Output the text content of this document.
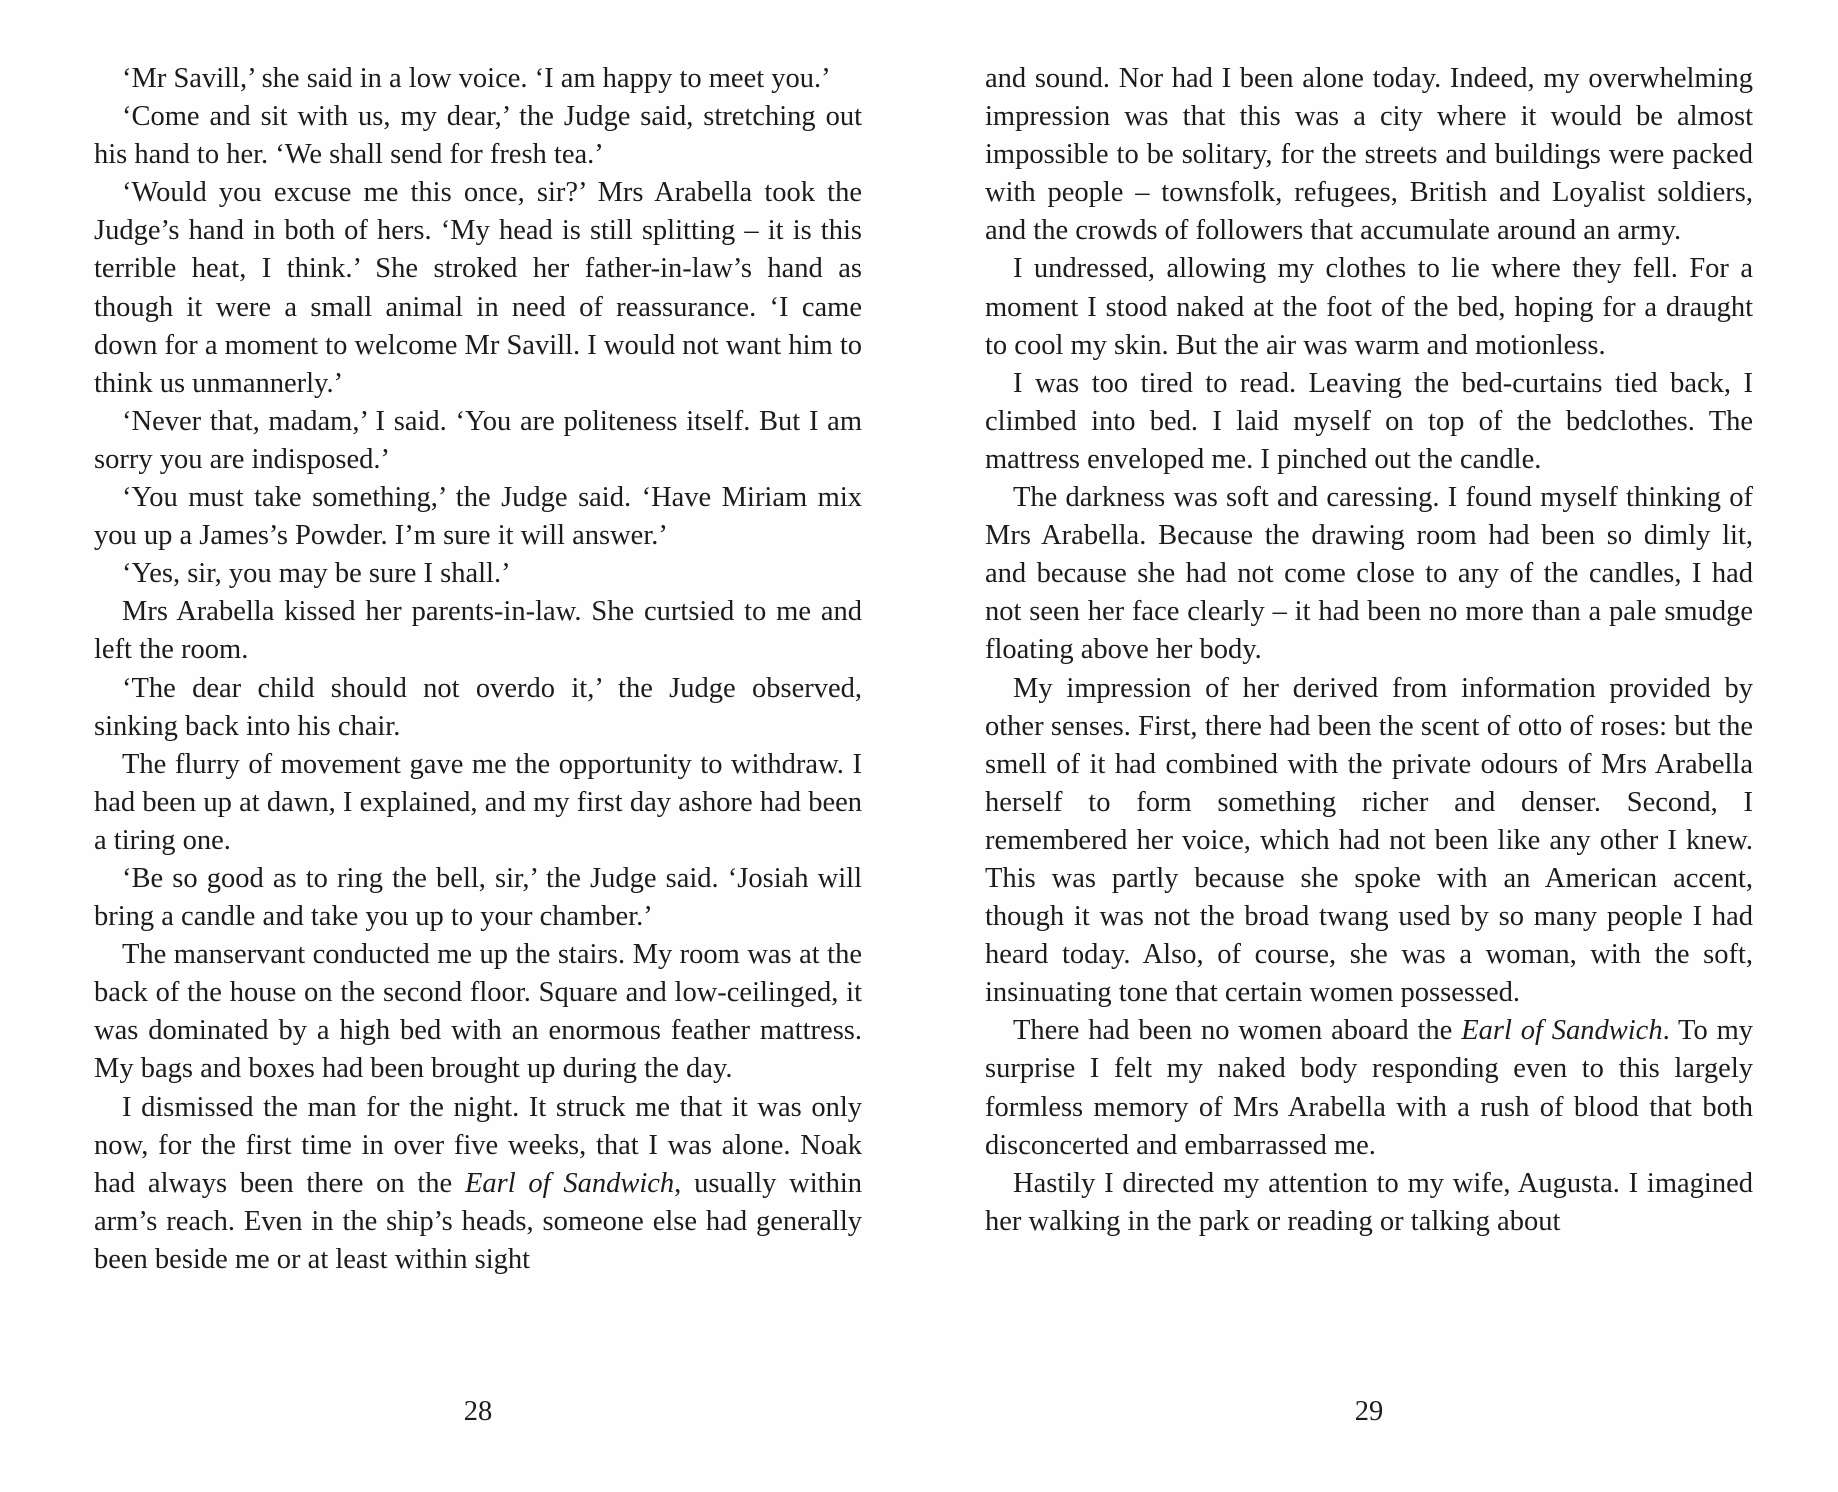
‘Mr Savill,’ she said in a low voice. ‘I am happy to meet you.’

‘Come and sit with us, my dear,’ the Judge said, stretching out his hand to her. ‘We shall send for fresh tea.’

‘Would you excuse me this once, sir?’ Mrs Arabella took the Judge’s hand in both of hers. ‘My head is still splitting – it is this terrible heat, I think.’ She stroked her father-in-law’s hand as though it were a small animal in need of reassurance. ‘I came down for a moment to welcome Mr Savill. I would not want him to think us unmannerly.’

‘Never that, madam,’ I said. ‘You are politeness itself. But I am sorry you are indisposed.’

‘You must take something,’ the Judge said. ‘Have Miriam mix you up a James’s Powder. I’m sure it will answer.’

‘Yes, sir, you may be sure I shall.’

Mrs Arabella kissed her parents-in-law. She curtsied to me and left the room.

‘The dear child should not overdo it,’ the Judge observed, sinking back into his chair.

The flurry of movement gave me the opportunity to withdraw. I had been up at dawn, I explained, and my first day ashore had been a tiring one.

‘Be so good as to ring the bell, sir,’ the Judge said. ‘Josiah will bring a candle and take you up to your chamber.’

The manservant conducted me up the stairs. My room was at the back of the house on the second floor. Square and low-ceilinged, it was dominated by a high bed with an enormous feather mattress. My bags and boxes had been brought up during the day.

I dismissed the man for the night. It struck me that it was only now, for the first time in over five weeks, that I was alone. Noak had always been there on the Earl of Sandwich, usually within arm’s reach. Even in the ship’s heads, someone else had generally been beside me or at least within sight

28

and sound. Nor had I been alone today. Indeed, my overwhelming impression was that this was a city where it would be almost impossible to be solitary, for the streets and buildings were packed with people – townsfolk, refugees, British and Loyalist soldiers, and the crowds of followers that accumulate around an army.

I undressed, allowing my clothes to lie where they fell. For a moment I stood naked at the foot of the bed, hoping for a draught to cool my skin. But the air was warm and motionless.

I was too tired to read. Leaving the bed-curtains tied back, I climbed into bed. I laid myself on top of the bedclothes. The mattress enveloped me. I pinched out the candle.

The darkness was soft and caressing. I found myself thinking of Mrs Arabella. Because the drawing room had been so dimly lit, and because she had not come close to any of the candles, I had not seen her face clearly – it had been no more than a pale smudge floating above her body.

My impression of her derived from information provided by other senses. First, there had been the scent of otto of roses: but the smell of it had combined with the private odours of Mrs Arabella herself to form something richer and denser. Second, I remembered her voice, which had not been like any other I knew. This was partly because she spoke with an American accent, though it was not the broad twang used by so many people I had heard today. Also, of course, she was a woman, with the soft, insinuating tone that certain women possessed.

There had been no women aboard the Earl of Sandwich. To my surprise I felt my naked body responding even to this largely formless memory of Mrs Arabella with a rush of blood that both disconcerted and embarrassed me.

Hastily I directed my attention to my wife, Augusta. I imagined her walking in the park or reading or talking about

29
